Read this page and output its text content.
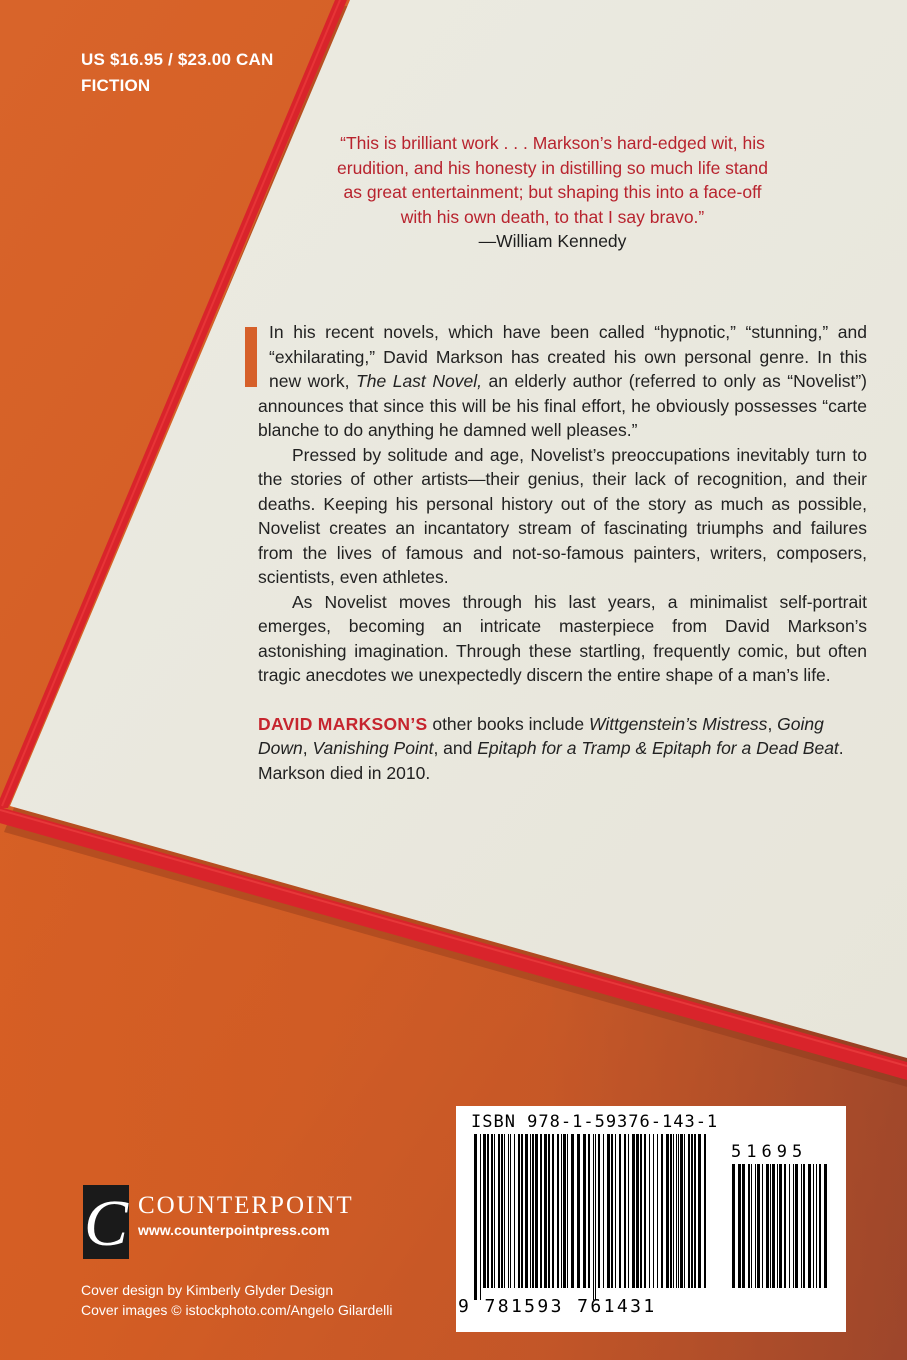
US $16.95 / $23.00 CAN
FICTION
“This is brilliant work . . . Markson’s hard-edged wit, his erudition, and his honesty in distilling so much life stand as great entertainment; but shaping this into a face-off with his own death, to that I say bravo.”
—William Kennedy

In his recent novels, which have been called “hypnotic,” “stunning,” and “exhilarating,” David Markson has created his own personal genre. In this new work, The Last Novel, an elderly author (referred to only as “Novelist”) announces that since this will be his final effort, he obviously possesses “carte blanche to do anything he damned well pleases.”

Pressed by solitude and age, Novelist’s preoccupations inevitably turn to the stories of other artists—their genius, their lack of recognition, and their deaths. Keeping his personal history out of the story as much as possible, Novelist creates an incantatory stream of fascinating triumphs and failures from the lives of famous and not-so-famous painters, writers, composers, scientists, even athletes.

As Novelist moves through his last years, a minimalist self-portrait emerges, becoming an intricate masterpiece from David Markson’s astonishing imagination. Through these startling, frequently comic, but often tragic anecdotes we unexpectedly discern the entire shape of a man’s life.

DAVID MARKSON’S other books include Wittgenstein’s Mistress, Going Down, Vanishing Point, and Epitaph for a Tramp & Epitaph for a Dead Beat. Markson died in 2010.

ISBN 978-1-59376-143-1
51695
9 781593 761431
C COUNTERPOINT
www.counterpointpress.com
Cover design by Kimberly Glyder Design
Cover images © istockphoto.com/Angelo Gilardelli
